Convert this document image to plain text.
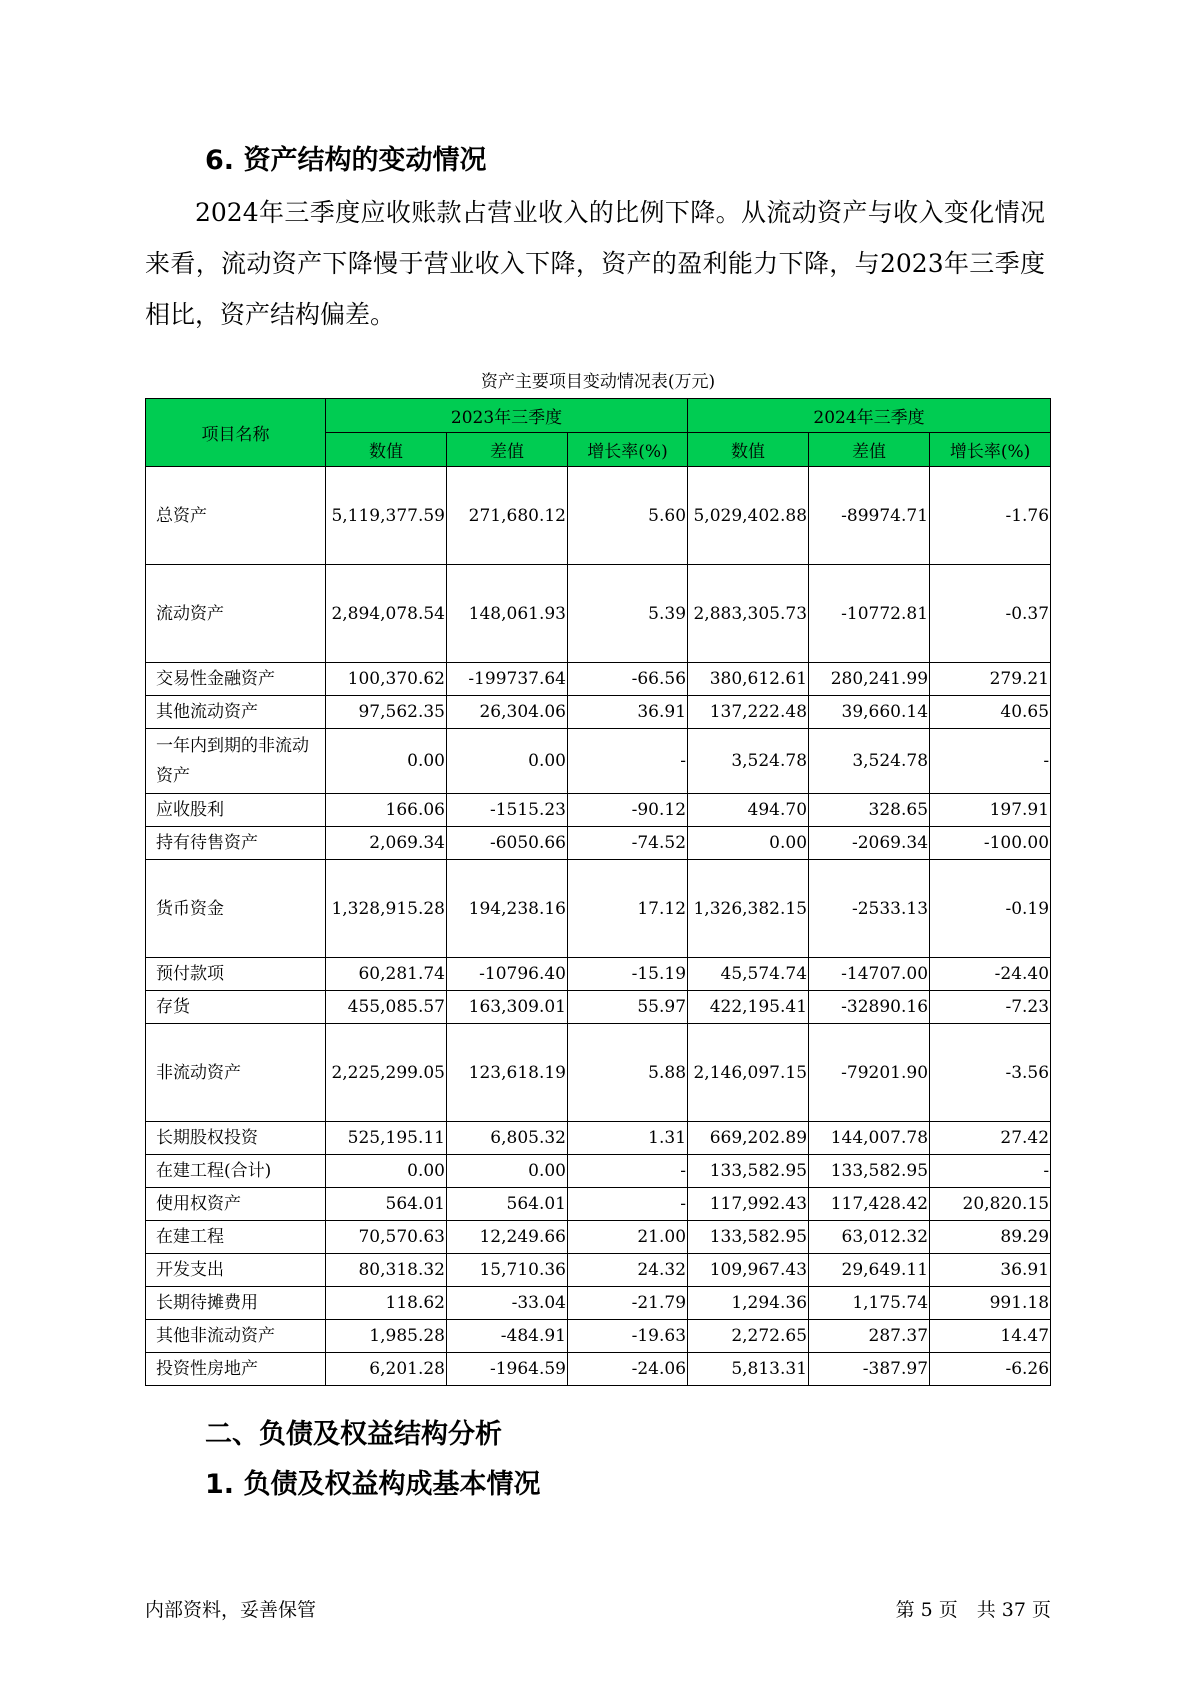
6. 资产结构的变动情况

2024年三季度应收账款占营业收入的比例下降。从流动资产与收入变化情况来看，流动资产下降慢于营业收入下降，资产的盈利能力下降，与2023年三季度相比，资产结构偏差。

资产主要项目变动情况表(万元)
项目名称	2023年三季度			2024年三季度		
	数值	差值	增长率(%)	数值	差值	增长率(%)

总资产	5,119,377.59	271,680.12	5.60	5,029,402.88	-89974.71	-1.76

流动资产	2,894,078.54	148,061.93	5.39	2,883,305.73	-10772.81	-0.37

交易性金融资产	100,370.62	-199737.64	-66.56	380,612.61	280,241.99	279.21

其他流动资产	97,562.35	26,304.06	36.91	137,222.48	39,660.14	40.65

一年内到期的非流动资产	0.00	0.00	-	3,524.78	3,524.78	-

应收股利	166.06	-1515.23	-90.12	494.70	328.65	197.91

持有待售资产	2,069.34	-6050.66	-74.52	0.00	-2069.34	-100.00

货币资金	1,328,915.28	194,238.16	17.12	1,326,382.15	-2533.13	-0.19

预付款项	60,281.74	-10796.40	-15.19	45,574.74	-14707.00	-24.40

存货	455,085.57	163,309.01	55.97	422,195.41	-32890.16	-7.23

非流动资产	2,225,299.05	123,618.19	5.88	2,146,097.15	-79201.90	-3.56

长期股权投资	525,195.11	6,805.32	1.31	669,202.89	144,007.78	27.42

在建工程(合计)	0.00	0.00	-	133,582.95	133,582.95	-

使用权资产	564.01	564.01	-	117,992.43	117,428.42	20,820.15

在建工程	70,570.63	12,249.66	21.00	133,582.95	63,012.32	89.29

开发支出	80,318.32	15,710.36	24.32	109,967.43	29,649.11	36.91

长期待摊费用	118.62	-33.04	-21.79	1,294.36	1,175.74	991.18

其他非流动资产	1,985.28	-484.91	-19.63	2,272.65	287.37	14.47

投资性房地产	6,201.28	-1964.59	-24.06	5,813.31	-387.97	-6.26
二、负债及权益结构分析
1. 负债及权益构成基本情况
内部资料，妥善保管	第 5 页　共 37 页
